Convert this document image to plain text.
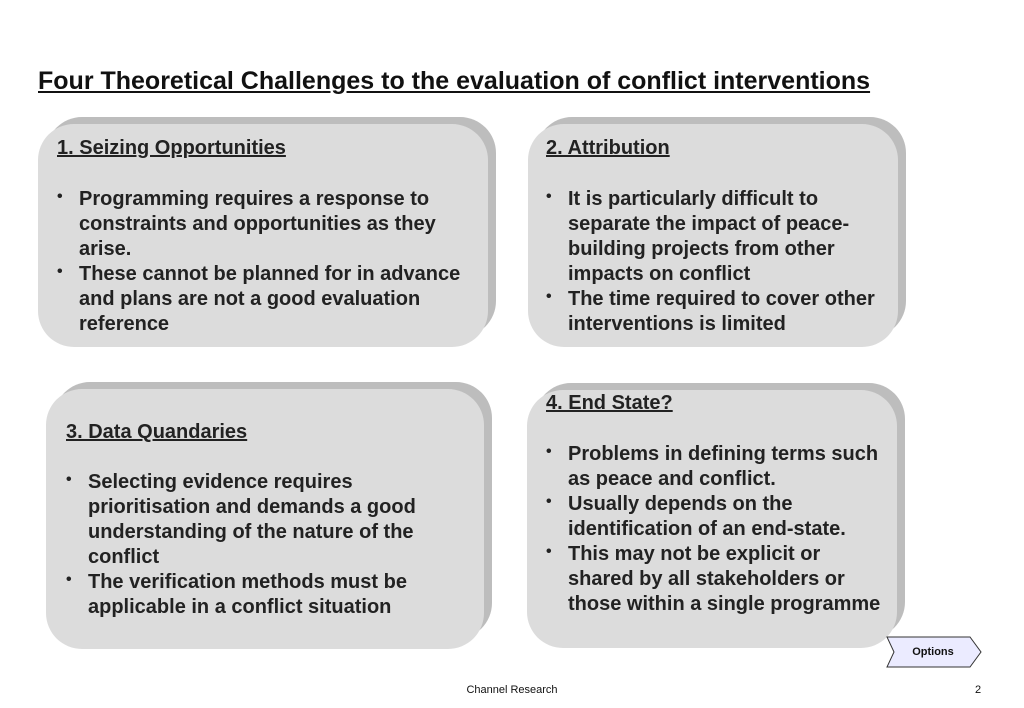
Four Theoretical Challenges to the evaluation of conflict interventions
1. Seizing Opportunities
• Programming requires a response to constraints and opportunities as they arise.
• These cannot be planned for in advance and plans are not a good evaluation reference
2. Attribution
• It is particularly difficult to separate the impact of peace-building projects from other impacts on conflict
• The time required to cover other interventions is limited
3. Data Quandaries
• Selecting evidence requires prioritisation and demands a good understanding of the nature of the conflict
• The verification methods must be applicable in a conflict situation
4. End State?
• Problems in defining terms such as peace and conflict.
• Usually depends on the identification of an end-state.
• This may not be explicit or shared by all stakeholders or those within a single programme
Options
Channel Research	2
